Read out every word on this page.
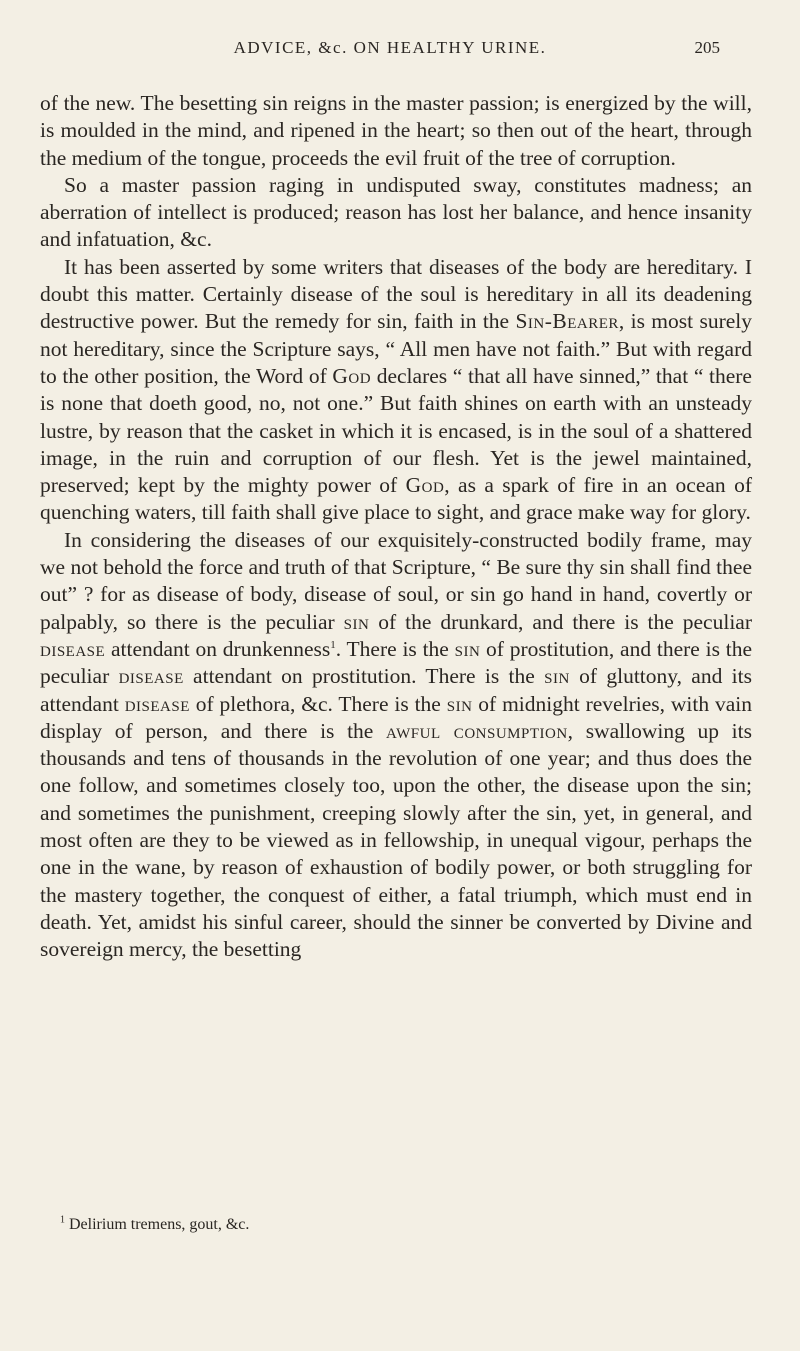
ADVICE, &c. ON HEALTHY URINE.	205

of the new. The besetting sin reigns in the master passion; is energized by the will, is moulded in the mind, and ripened in the heart; so then out of the heart, through the medium of the tongue, proceeds the evil fruit of the tree of corruption.

So a master passion raging in undisputed sway, constitutes madness; an aberration of intellect is produced; reason has lost her balance, and hence insanity and infatuation, &c.

It has been asserted by some writers that diseases of the body are hereditary. I doubt this matter. Certainly disease of the soul is hereditary in all its deadening destructive power. But the remedy for sin, faith in the Sin-Bearer, is most surely not hereditary, since the Scripture says, “ All men have not faith.” But with regard to the other position, the Word of God declares “ that all have sinned,” that “ there is none that doeth good, no, not one.” But faith shines on earth with an unsteady lustre, by reason that the casket in which it is encased, is in the soul of a shattered image, in the ruin and corruption of our flesh. Yet is the jewel maintained, preserved; kept by the mighty power of God, as a spark of fire in an ocean of quenching waters, till faith shall give place to sight, and grace make way for glory.

In considering the diseases of our exquisitely-constructed bodily frame, may we not behold the force and truth of that Scripture, “ Be sure thy sin shall find thee out” ? for as disease of body, disease of soul, or sin go hand in hand, covertly or palpably, so there is the peculiar sin of the drunkard, and there is the peculiar disease attendant on drunkenness$^1$. There is the sin of prostitution, and there is the peculiar disease attendant on prostitution. There is the sin of gluttony, and its attendant disease of plethora, &c. There is the sin of midnight revelries, with vain display of person, and there is the awful consumption, swallowing up its thousands and tens of thousands in the revolution of one year; and thus does the one follow, and sometimes closely too, upon the other, the disease upon the sin; and sometimes the punishment, creeping slowly after the sin, yet, in general, and most often are they to be viewed as in fellowship, in unequal vigour, perhaps the one in the wane, by reason of exhaustion of bodily power, or both struggling for the mastery together, the conquest of either, a fatal triumph, which must end in death. Yet, amidst his sinful career, should the sinner be converted by Divine and sovereign mercy, the besetting

$^1$ Delirium tremens, gout, &c.
